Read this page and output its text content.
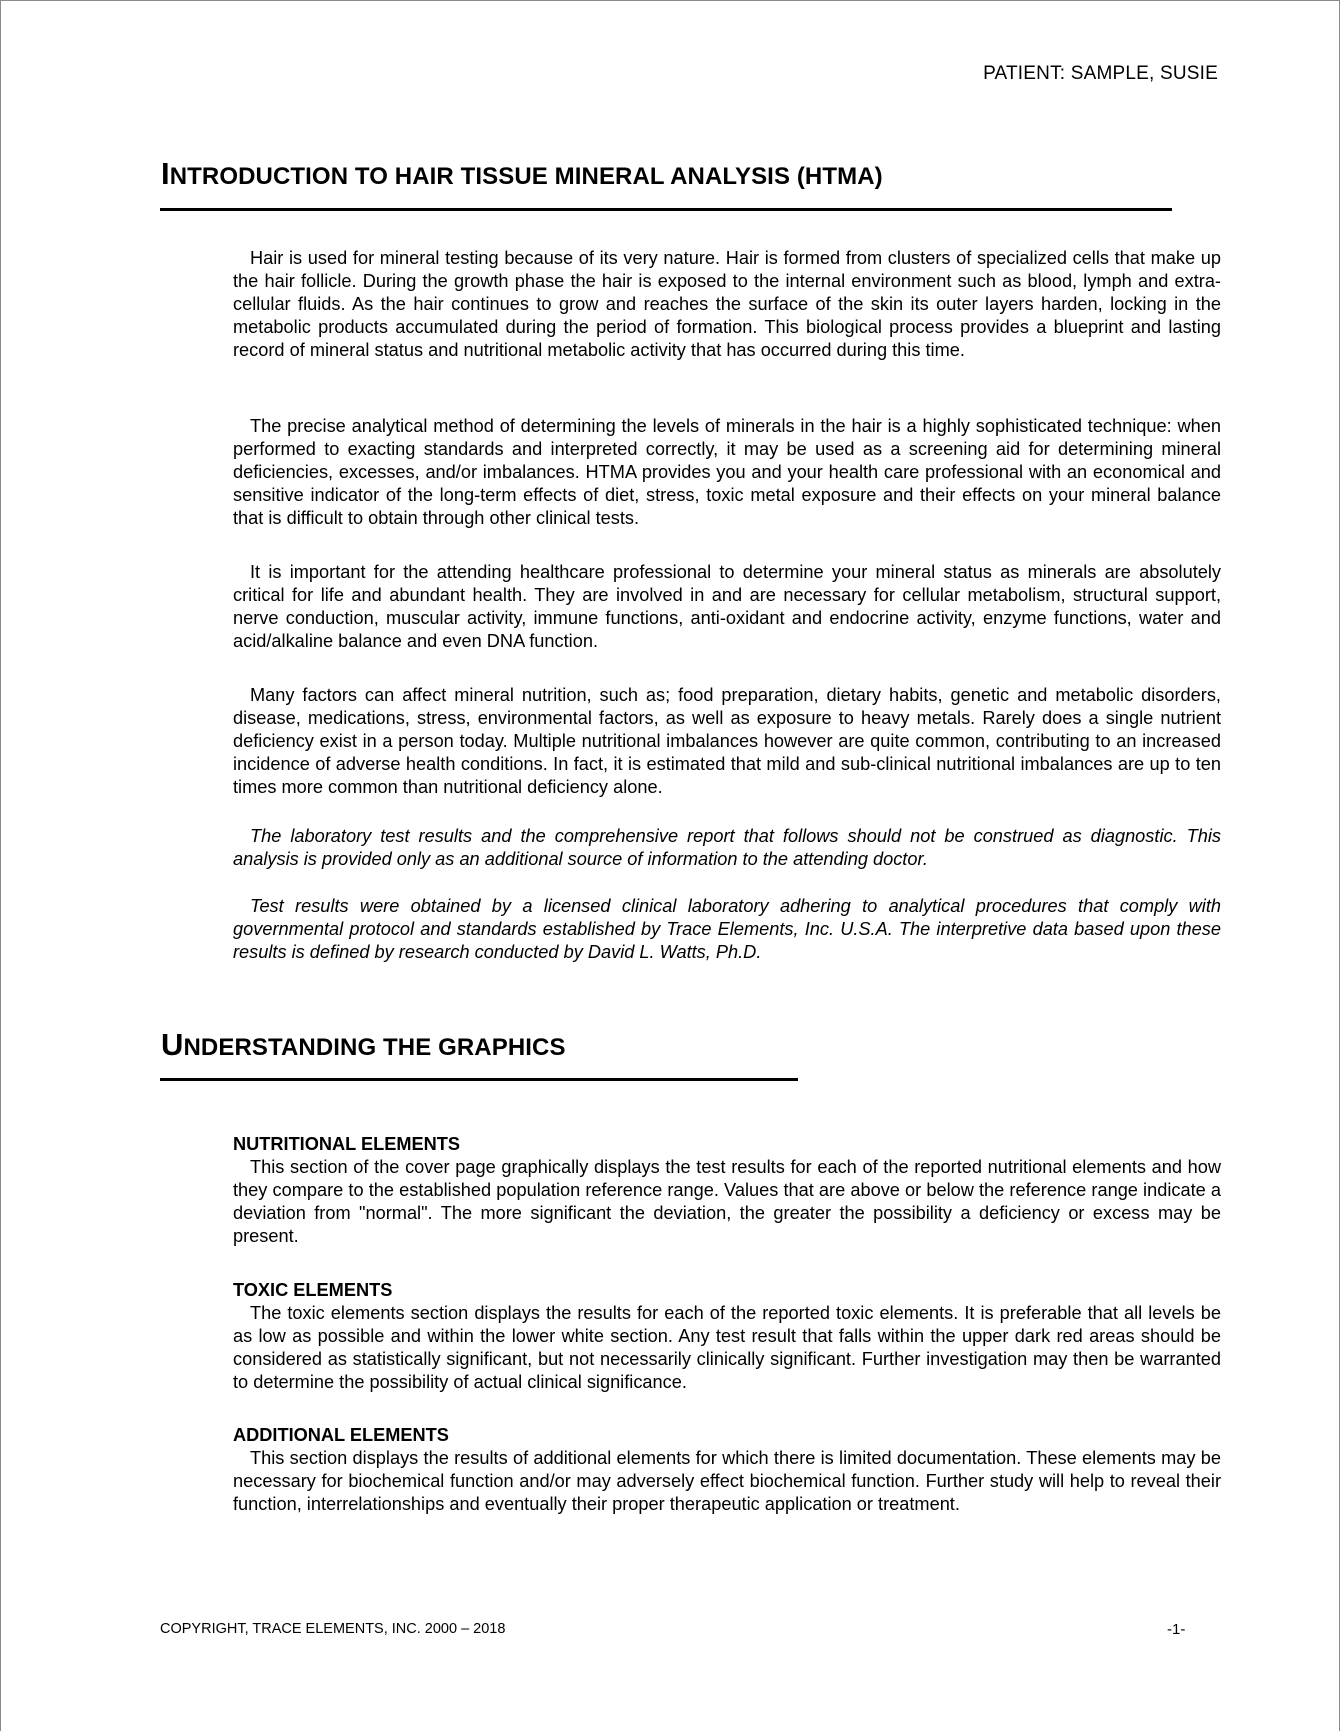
PATIENT: SAMPLE, SUSIE
INTRODUCTION TO HAIR TISSUE MINERAL ANALYSIS (HTMA)

Hair is used for mineral testing because of its very nature. Hair is formed from clusters of specialized cells that make up the hair follicle. During the growth phase the hair is exposed to the internal environment such as blood, lymph and extra-cellular fluids. As the hair continues to grow and reaches the surface of the skin its outer layers harden, locking in the metabolic products accumulated during the period of formation. This biological process provides a blueprint and lasting record of mineral status and nutritional metabolic activity that has occurred during this time.

The precise analytical method of determining the levels of minerals in the hair is a highly sophisticated technique: when performed to exacting standards and interpreted correctly, it may be used as a screening aid for determining mineral deficiencies, excesses, and/or imbalances. HTMA provides you and your health care professional with an economical and sensitive indicator of the long-term effects of diet, stress, toxic metal exposure and their effects on your mineral balance that is difficult to obtain through other clinical tests.

It is important for the attending healthcare professional to determine your mineral status as minerals are absolutely critical for life and abundant health. They are involved in and are necessary for cellular metabolism, structural support, nerve conduction, muscular activity, immune functions, anti-oxidant and endocrine activity, enzyme functions, water and acid/alkaline balance and even DNA function.

Many factors can affect mineral nutrition, such as; food preparation, dietary habits, genetic and metabolic disorders, disease, medications, stress, environmental factors, as well as exposure to heavy metals. Rarely does a single nutrient deficiency exist in a person today. Multiple nutritional imbalances however are quite common, contributing to an increased incidence of adverse health conditions. In fact, it is estimated that mild and sub-clinical nutritional imbalances are up to ten times more common than nutritional deficiency alone.

The laboratory test results and the comprehensive report that follows should not be construed as diagnostic. This analysis is provided only as an additional source of information to the attending doctor.

Test results were obtained by a licensed clinical laboratory adhering to analytical procedures that comply with governmental protocol and standards established by Trace Elements, Inc. U.S.A. The interpretive data based upon these results is defined by research conducted by David L. Watts, Ph.D.

UNDERSTANDING THE GRAPHICS
NUTRITIONAL ELEMENTS

This section of the cover page graphically displays the test results for each of the reported nutritional elements and how they compare to the established population reference range. Values that are above or below the reference range indicate a deviation from "normal". The more significant the deviation, the greater the possibility a deficiency or excess may be present.

TOXIC ELEMENTS

The toxic elements section displays the results for each of the reported toxic elements. It is preferable that all levels be as low as possible and within the lower white section. Any test result that falls within the upper dark red areas should be considered as statistically significant, but not necessarily clinically significant. Further investigation may then be warranted to determine the possibility of actual clinical significance.

ADDITIONAL ELEMENTS

This section displays the results of additional elements for which there is limited documentation. These elements may be necessary for biochemical function and/or may adversely effect biochemical function. Further study will help to reveal their function, interrelationships and eventually their proper therapeutic application or treatment.

COPYRIGHT, TRACE ELEMENTS, INC. 2000 – 2018	-1-
